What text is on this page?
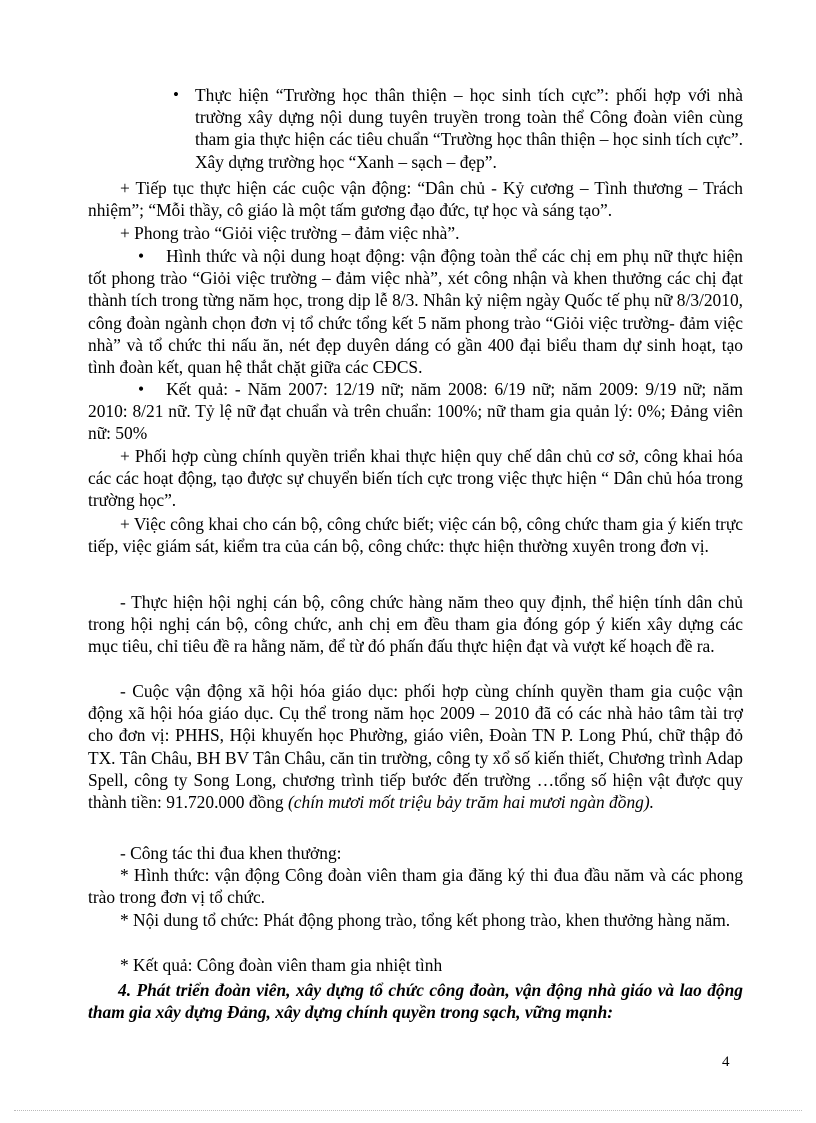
• Thực hiện “Trường học thân thiện – học sinh tích cực”: phối hợp với nhà trường xây dựng nội dung tuyên truyền trong toàn thể Công đoàn viên cùng tham gia thực hiện các tiêu chuẩn “Trường học thân thiện – học sinh tích cực”. Xây dựng trường học “Xanh – sạch – đẹp”.
+ Tiếp tục thực hiện các cuộc vận động: “Dân chủ - Kỷ cương – Tình thương – Trách nhiệm”; “Mỗi thầy, cô giáo là một tấm gương đạo đức, tự học và sáng tạo”.
+ Phong trào “Giỏi việc trường – đảm việc nhà”.
• Hình thức và nội dung hoạt động: vận động toàn thể các chị em phụ nữ thực hiện tốt phong trào “Giỏi việc trường – đảm việc nhà”, xét công nhận và khen thưởng các chị đạt thành tích trong từng năm học, trong dịp lễ 8/3. Nhân kỷ niệm ngày Quốc tế phụ nữ 8/3/2010, công đoàn ngành chọn đơn vị tổ chức tổng kết 5 năm phong trào “Giỏi việc trường- đảm việc nhà” và tổ chức thi nấu ăn, nét đẹp duyên dáng có gần 400 đại biểu tham dự sinh hoạt, tạo tình đoàn kết, quan hệ thắt chặt giữa các CĐCS.
• Kết quả: - Năm 2007: 12/19 nữ; năm 2008: 6/19 nữ; năm 2009: 9/19 nữ; năm 2010: 8/21 nữ. Tỷ lệ nữ đạt chuẩn và trên chuẩn: 100%; nữ tham gia quản lý: 0%; Đảng viên nữ: 50%
+ Phối hợp cùng chính quyền triển khai thực hiện quy chế dân chủ cơ sở, công khai hóa các các hoạt động, tạo được sự chuyển biến tích cực trong việc thực hiện “ Dân chủ hóa trong trường học”.
+ Việc công khai cho cán bộ, công chức biết; việc cán bộ, công chức tham gia ý kiến trực tiếp, việc giám sát, kiểm tra của cán bộ, công chức: thực hiện thường xuyên trong đơn vị.
- Thực hiện hội nghị cán bộ, công chức hàng năm theo quy định, thể hiện tính dân chủ trong hội nghị cán bộ, công chức, anh chị em đều tham gia đóng góp ý kiến xây dựng các mục tiêu, chỉ tiêu đề ra hằng năm, để từ đó phấn đấu thực hiện đạt và vượt kế hoạch đề ra.
- Cuộc vận động xã hội hóa giáo dục: phối hợp cùng chính quyền tham gia cuộc vận động xã hội hóa giáo dục. Cụ thể trong năm học 2009 – 2010 đã có các nhà hảo tâm tài trợ cho đơn vị: PHHS, Hội khuyến học Phường, giáo viên, Đoàn TN P. Long Phú, chữ thập đỏ TX. Tân Châu, BH BV Tân Châu, căn tin trường, công ty xổ số kiến thiết, Chương trình Adap Spell, công ty Song Long, chương trình tiếp bước đến trường …tổng số hiện vật được quy thành tiền: 91.720.000 đồng (chín mươi mốt triệu bảy trăm hai mươi ngàn đồng).
- Công tác thi đua khen thưởng:
* Hình thức: vận động Công đoàn viên tham gia đăng ký thi đua đầu năm và các phong trào trong đơn vị tổ chức.
* Nội dung tổ chức: Phát động phong trào, tổng kết phong trào, khen thưởng hàng năm.
* Kết quả: Công đoàn viên tham gia nhiệt tình
4. Phát triển đoàn viên, xây dựng tổ chức công đoàn, vận động nhà giáo và lao động tham gia xây dựng Đảng, xây dựng chính quyền trong sạch, vững mạnh:
4
